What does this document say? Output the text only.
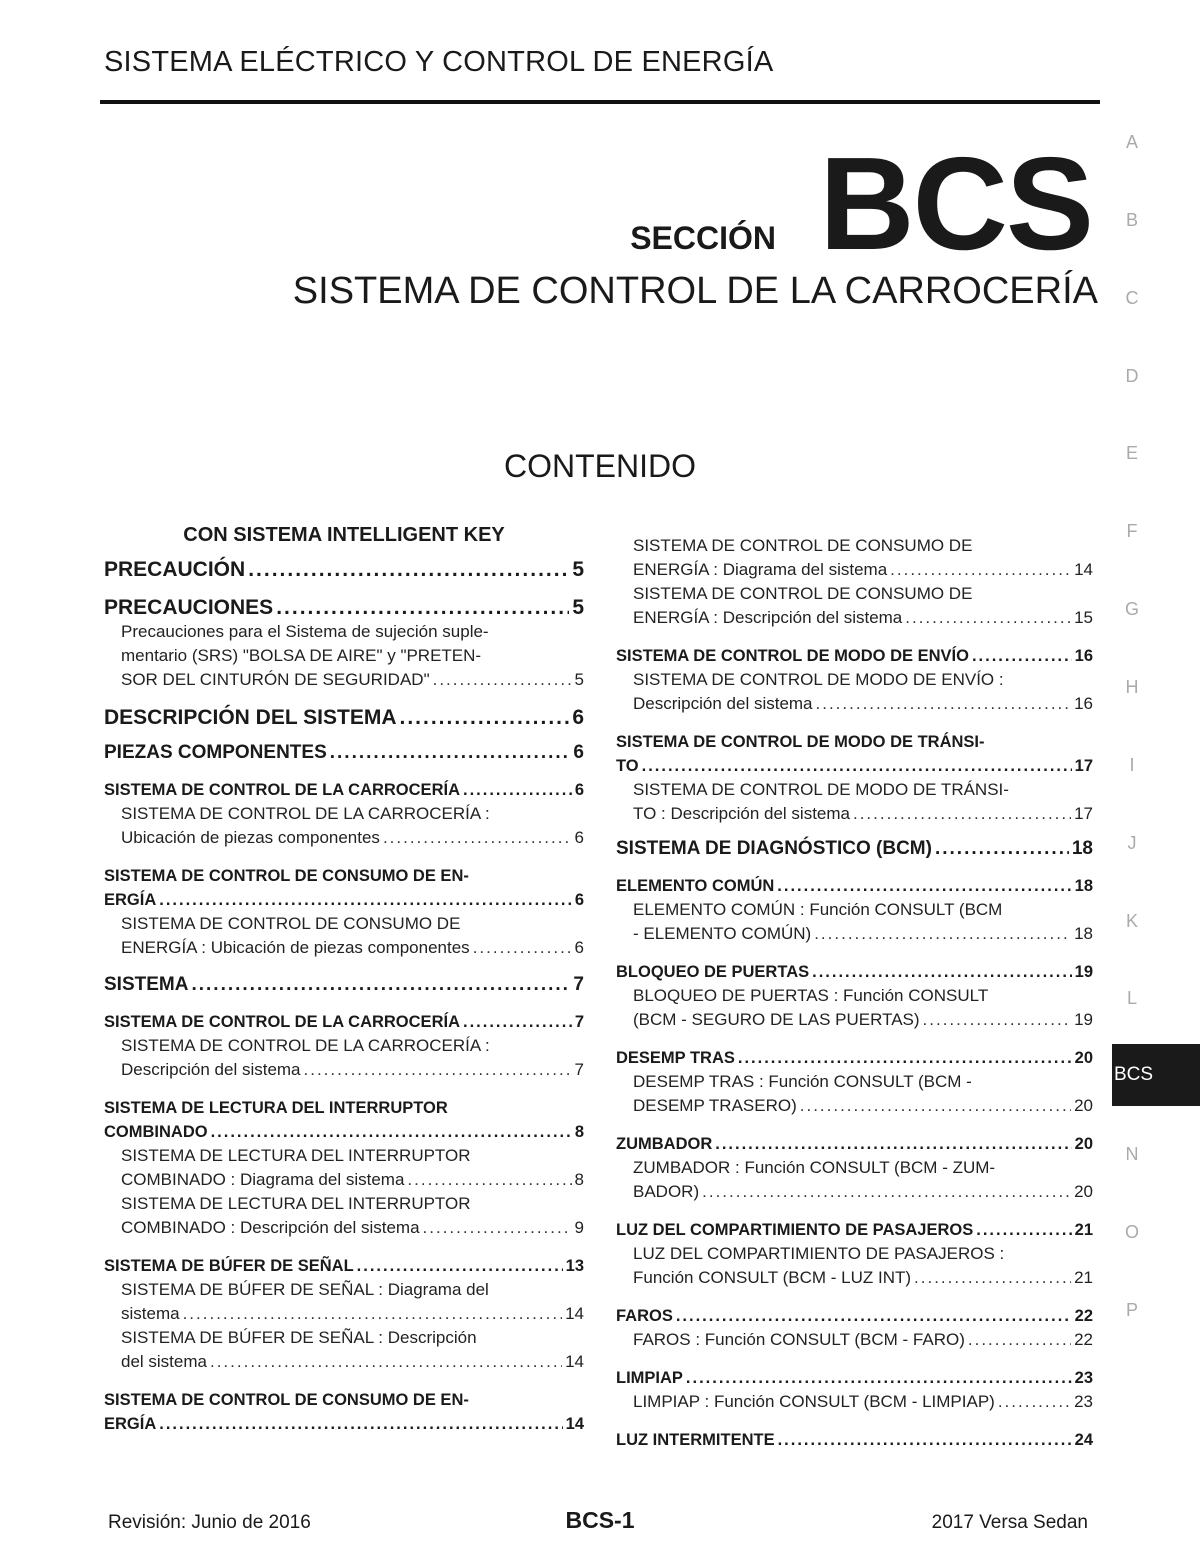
SISTEMA ELÉCTRICO Y CONTROL DE ENERGÍA
SECCIÓN BCS
SISTEMA DE CONTROL DE LA CARROCERÍA
CONTENIDO
CON SISTEMA INTELLIGENT KEY
PRECAUCIÓN .....	5
PRECAUCIONES .....	5
Precauciones para el Sistema de sujeción suple-
mentario (SRS) "BOLSA DE AIRE" y "PRETEN-
SOR DEL CINTURÓN DE SEGURIDAD" .....	5
DESCRIPCIÓN DEL SISTEMA .....	6
PIEZAS COMPONENTES .....	6
SISTEMA DE CONTROL DE LA CARROCERÍA .....	6
SISTEMA DE CONTROL DE LA CARROCERÍA :
Ubicación de piezas componentes .....	6
SISTEMA DE CONTROL DE CONSUMO DE EN-
ERGÍA .....	6
SISTEMA DE CONTROL DE CONSUMO DE
ENERGÍA : Ubicación de piezas componentes .....	6
SISTEMA .....	7
SISTEMA DE CONTROL DE LA CARROCERÍA .....	7
SISTEMA DE CONTROL DE LA CARROCERÍA :
Descripción del sistema .....	7
SISTEMA DE LECTURA DEL INTERRUPTOR
COMBINADO .....	8
SISTEMA DE LECTURA DEL INTERRUPTOR
COMBINADO : Diagrama del sistema .....	8
SISTEMA DE LECTURA DEL INTERRUPTOR
COMBINADO : Descripción del sistema .....	9
SISTEMA DE BÚFER DE SEÑAL .....	13
SISTEMA DE BÚFER DE SEÑAL : Diagrama del
sistema .....	14
SISTEMA DE BÚFER DE SEÑAL : Descripción
del sistema .....	14
SISTEMA DE CONTROL DE CONSUMO DE EN-
ERGÍA .....	14
SISTEMA DE CONTROL DE CONSUMO DE
ENERGÍA : Diagrama del sistema .....	14
SISTEMA DE CONTROL DE CONSUMO DE
ENERGÍA : Descripción del sistema .....	15
SISTEMA DE CONTROL DE MODO DE ENVÍO .....	16
SISTEMA DE CONTROL DE MODO DE ENVÍO :
Descripción del sistema .....	16
SISTEMA DE CONTROL DE MODO DE TRÁNSI-
TO .....	17
SISTEMA DE CONTROL DE MODO DE TRÁNSI-
TO : Descripción del sistema .....	17
SISTEMA DE DIAGNÓSTICO (BCM) .....	18
ELEMENTO COMÚN .....	18
ELEMENTO COMÚN : Función CONSULT (BCM
- ELEMENTO COMÚN) .....	18
BLOQUEO DE PUERTAS .....	19
BLOQUEO DE PUERTAS : Función CONSULT
(BCM - SEGURO DE LAS PUERTAS) .....	19
DESEMP TRAS .....	20
DESEMP TRAS : Función CONSULT (BCM -
DESEMP TRASERO) .....	20
ZUMBADOR .....	20
ZUMBADOR : Función CONSULT (BCM - ZUM-
BADOR) .....	20
LUZ DEL COMPARTIMIENTO DE PASAJEROS .....	21
LUZ DEL COMPARTIMIENTO DE PASAJEROS :
Función CONSULT (BCM - LUZ INT) .....	21
FAROS .....	22
FAROS : Función CONSULT (BCM - FARO) .....	22
LIMPIAP .....	23
LIMPIAP : Función CONSULT (BCM - LIMPIAP) .....	23
LUZ INTERMITENTE .....	24
BCS
A
B
C
D
E
F
G
H
I
J
K
L
N
O
P
Revisión: Junio de 2016	BCS-1	2017 Versa Sedan
